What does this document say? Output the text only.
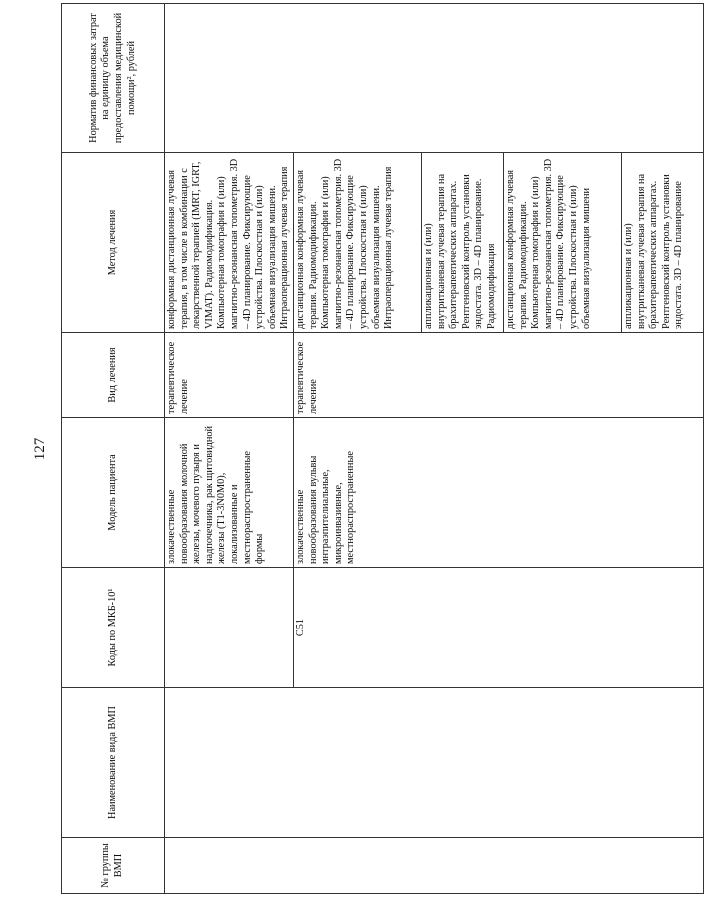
127
№ группы ВМП	Наименование вида ВМП	Коды по МКБ-10¹	Модель пациента	Вид лечения	Метод лечения	Норматив финансовых затрат на единицу объема предоставления медицинской помощи², рублей
			злокачественные новообразования молочной железы, мочевого пузыря и надпочечника, рак щитовидной железы (T1-3N0M0), локализованные и местнораспространенные формы	терапевтическое лечение	конформная дистанционная лучевая терапия, в том числе в комбинации с лекарственной терапией (IMRT, IGRT, VIMAT). Радиомодификация. Компьютерная томография и (или) магнитно-резонансная топометрия. 3D – 4D планирование. Фиксирующие устройства. Плоскостная и (или) объемная визуализация мишени. Интраоперационная лучевая терапия	
		C51	злокачественные новообразования вульвы интраэпителиальные, микроинвазивные, местнораспространенные	терапевтическое лечение	дистанционная конформная лучевая терапия. Радиомодификация. Компьютерная томография и (или) магнитно-резонансная топометрия. 3D – 4D планирование. Фиксирующие устройства. Плоскостная и (или) объемная визуализация мишени. Интраоперационная лучевая терапия	
					аппликационная и (или) внутритканевая лучевая терапия на брахитерапевтических аппаратах. Рентгеновский контроль установки эндостата. 3D – 4D планирование. Радиомодификация	
					дистанционная конформная лучевая терапия. Радиомодификация. Компьютерная томография и (или) магнитно-резонансная топометрия. 3D – 4D планирование. Фиксирующие устройства. Плоскостная и (или) объемная визуализация мишени	
					аппликационная и (или) внутритканевая лучевая терапия на брахитерапевтических аппаратах. Рентгеновский контроль установки эндостата. 3D – 4D планирование	
